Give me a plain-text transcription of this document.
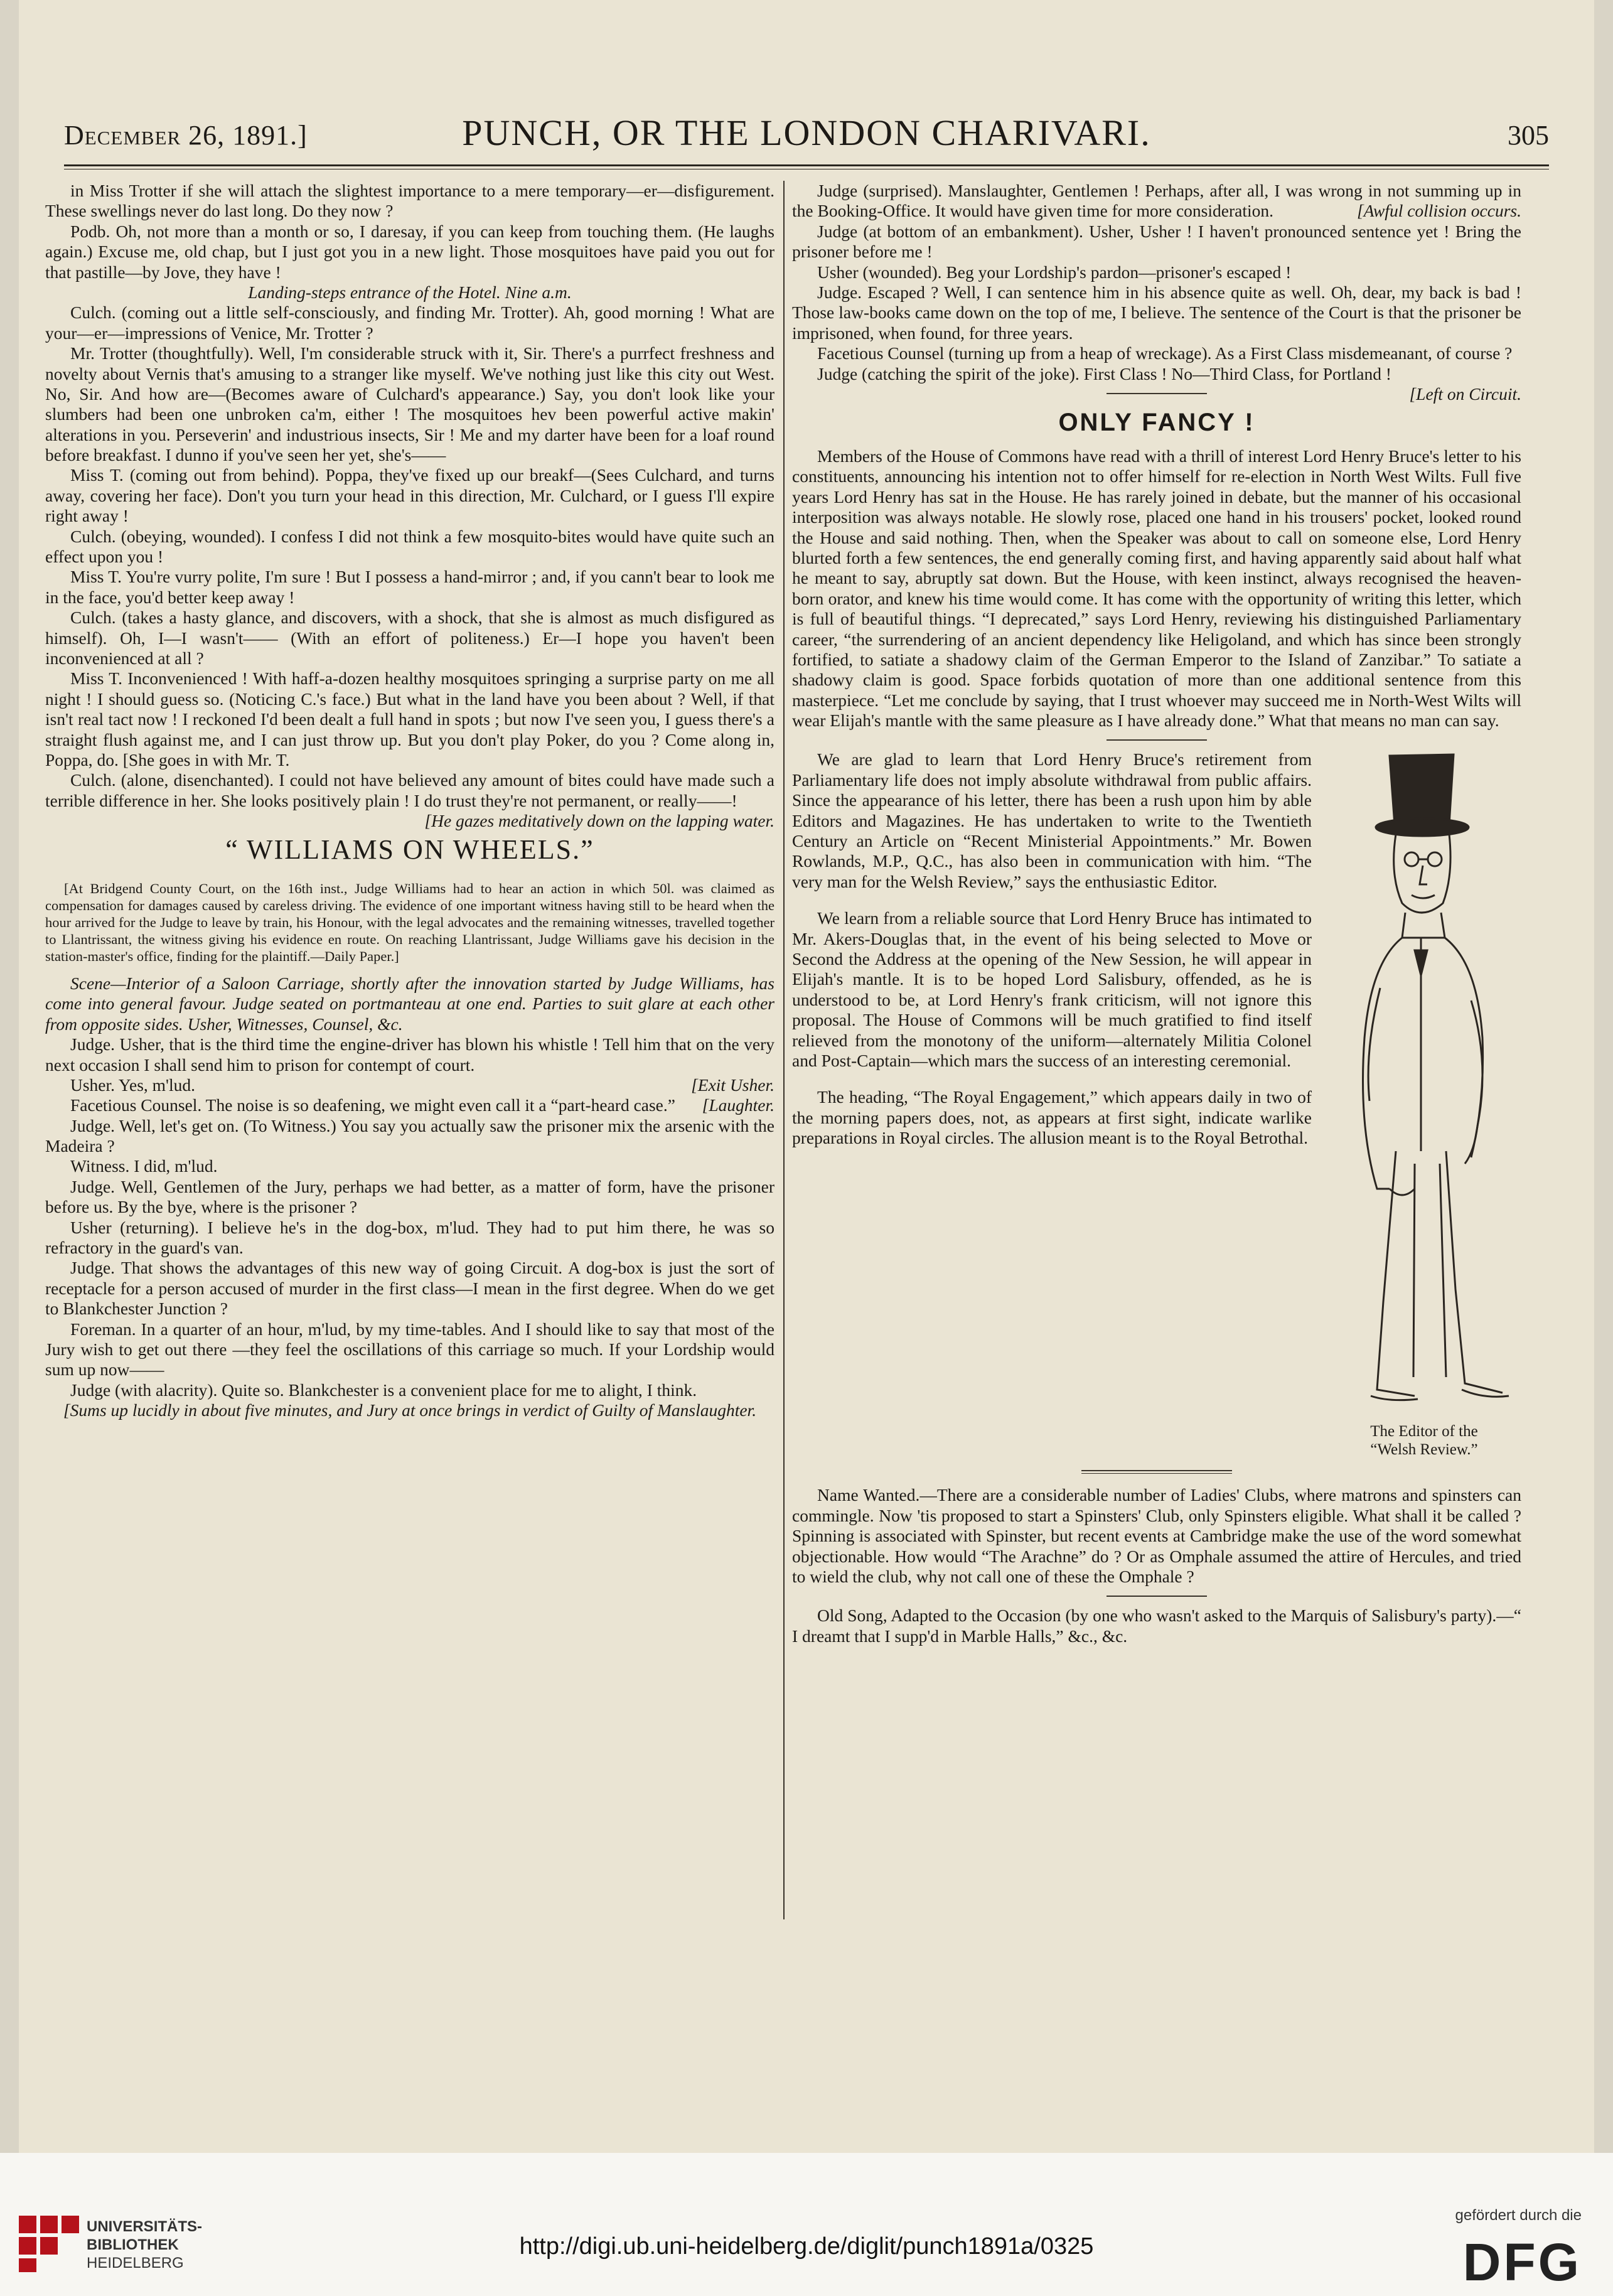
December 26, 1891.]	PUNCH, OR THE LONDON CHARIVARI.	305

in Miss Trotter if she will attach the slightest importance to a mere temporary—er—disfigurement. These swellings never do last long. Do they now ?

Podb. Oh, not more than a month or so, I daresay, if you can keep from touching them. (He laughs again.) Excuse me, old chap, but I just got you in a new light. Those mosquitoes have paid you out for that pastille—by Jove, they have !

Landing-steps entrance of the Hotel. Nine a.m.

Culch. (coming out a little self-consciously, and finding Mr. Trotter). Ah, good morning ! What are your—er—impressions of Venice, Mr. Trotter ?

Mr. Trotter (thoughtfully). Well, I'm considerable struck with it, Sir. There's a purrfect freshness and novelty about Vernis that's amusing to a stranger like myself. We've nothing just like this city out West. No, Sir. And how are—(Becomes aware of Culchard's appearance.) Say, you don't look like your slumbers had been one unbroken ca'm, either ! The mosquitoes hev been powerful active makin' alterations in you. Perseverin' and industrious insects, Sir ! Me and my darter have been for a loaf round before breakfast. I dunno if you've seen her yet, she's——

Miss T. (coming out from behind). Poppa, they've fixed up our breakf—(Sees Culchard, and turns away, covering her face). Don't you turn your head in this direction, Mr. Culchard, or I guess I'll expire right away !

Culch. (obeying, wounded). I confess I did not think a few mosquito-bites would have quite such an effect upon you !

Miss T. You're vurry polite, I'm sure ! But I possess a hand-mirror ; and, if you cann't bear to look me in the face, you'd better keep away !

Culch. (takes a hasty glance, and discovers, with a shock, that she is almost as much disfigured as himself). Oh, I—I wasn't—— (With an effort of politeness.) Er—I hope you haven't been inconvenienced at all ?

Miss T. Inconvenienced ! With haff-a-dozen healthy mosquitoes springing a surprise party on me all night ! I should guess so. (Noticing C.'s face.) But what in the land have you been about ? Well, if that isn't real tact now ! I reckoned I'd been dealt a full hand in spots ; but now I've seen you, I guess there's a straight flush against me, and I can just throw up. But you don't play Poker, do you ? Come along in, Poppa, do. [She goes in with Mr. T.

Culch. (alone, disenchanted). I could not have believed any amount of bites could have made such a terrible difference in her. She looks positively plain ! I do trust they're not permanent, or really——!
[He gazes meditatively down on the lapping water.

“ WILLIAMS ON WHEELS.”

[At Bridgend County Court, on the 16th inst., Judge Williams had to hear an action in which 50l. was claimed as compensation for damages caused by careless driving. The evidence of one important witness having still to be heard when the hour arrived for the Judge to leave by train, his Honour, with the legal advocates and the remaining witnesses, travelled together to Llantrissant, the witness giving his evidence en route. On reaching Llantrissant, Judge Williams gave his decision in the station-master's office, finding for the plaintiff.—Daily Paper.]

Scene—Interior of a Saloon Carriage, shortly after the innovation started by Judge Williams, has come into general favour. Judge seated on portmanteau at one end. Parties to suit glare at each other from opposite sides. Usher, Witnesses, Counsel, &c.

Judge. Usher, that is the third time the engine-driver has blown his whistle ! Tell him that on the very next occasion I shall send him to prison for contempt of court.

Usher. Yes, m'lud.	[Exit Usher.

Facetious Counsel. The noise is so deafening, we might even call it a “part-heard case.”	[Laughter.

Judge. Well, let's get on. (To Witness.) You say you actually saw the prisoner mix the arsenic with the Madeira ?

Witness. I did, m'lud.

Judge. Well, Gentlemen of the Jury, perhaps we had better, as a matter of form, have the prisoner before us. By the bye, where is the prisoner ?

Usher (returning). I believe he's in the dog-box, m'lud. They had to put him there, he was so refractory in the guard's van.

Judge. That shows the advantages of this new way of going Circuit. A dog-box is just the sort of receptacle for a person accused of murder in the first class—I mean in the first degree. When do we get to Blankchester Junction ?

Foreman. In a quarter of an hour, m'lud, by my time-tables. And I should like to say that most of the Jury wish to get out there —they feel the oscillations of this carriage so much. If your Lordship would sum up now——

Judge (with alacrity). Quite so. Blankchester is a convenient place for me to alight, I think.

[Sums up lucidly in about five minutes, and Jury at once brings in verdict of Guilty of Manslaughter.

Judge (surprised). Manslaughter, Gentlemen ! Perhaps, after all, I was wrong in not summing up in the Booking-Office. It would have given time for more consideration.	[Awful collision occurs.

Judge (at bottom of an embankment). Usher, Usher ! I haven't pronounced sentence yet ! Bring the prisoner before me !

Usher (wounded). Beg your Lordship's pardon—prisoner's escaped !

Judge. Escaped ? Well, I can sentence him in his absence quite as well. Oh, dear, my back is bad ! Those law-books came down on the top of me, I believe. The sentence of the Court is that the prisoner be imprisoned, when found, for three years.

Facetious Counsel (turning up from a heap of wreckage). As a First Class misdemeanant, of course ?

Judge (catching the spirit of the joke). First Class ! No—Third Class, for Portland !
[Left on Circuit.

ONLY FANCY !

Members of the House of Commons have read with a thrill of interest Lord Henry Bruce's letter to his constituents, announcing his intention not to offer himself for re-election in North West Wilts. Full five years Lord Henry has sat in the House. He has rarely joined in debate, but the manner of his occasional interposition was always notable. He slowly rose, placed one hand in his trousers' pocket, looked round the House and said nothing. Then, when the Speaker was about to call on someone else, Lord Henry blurted forth a few sentences, the end generally coming first, and having apparently said about half what he meant to say, abruptly sat down. But the House, with keen instinct, always recognised the heaven-born orator, and knew his time would come. It has come with the opportunity of writing this letter, which is full of beautiful things. “I deprecated,” says Lord Henry, reviewing his distinguished Parliamentary career, “the surrendering of an ancient dependency like Heligoland, and which has since been strongly fortified, to satiate a shadowy claim of the German Emperor to the Island of Zanzibar.” To satiate a shadowy claim is good. Space forbids quotation of more than one additional sentence from this masterpiece. “Let me conclude by saying, that I trust whoever may succeed me in North-West Wilts will wear Elijah's mantle with the same pleasure as I have already done.” What that means no man can say.

The Editor of the
“Welsh Review.”

We are glad to learn that Lord Henry Bruce's retirement from Parliamentary life does not imply absolute withdrawal from public affairs. Since the appearance of his letter, there has been a rush upon him by able Editors and Magazines. He has undertaken to write to the Twentieth Century an Article on “Recent Ministerial Appointments.” Mr. Bowen Rowlands, M.P., Q.C., has also been in communication with him. “The very man for the Welsh Review,” says the enthusiastic Editor.

We learn from a reliable source that Lord Henry Bruce has intimated to Mr. Akers-Douglas that, in the event of his being selected to Move or Second the Address at the opening of the New Session, he will appear in Elijah's mantle. It is to be hoped Lord Salisbury, offended, as he is understood to be, at Lord Henry's frank criticism, will not ignore this proposal. The House of Commons will be much gratified to find itself relieved from the monotony of the uniform—alternately Militia Colonel and Post-Captain—which mars the success of an interesting ceremonial.

The heading, “The Royal Engagement,” which appears daily in two of the morning papers does, not, as appears at first sight, indicate warlike preparations in Royal circles. The allusion meant is to the Royal Betrothal.

Name Wanted.—There are a considerable number of Ladies' Clubs, where matrons and spinsters can commingle. Now 'tis proposed to start a Spinsters' Club, only Spinsters eligible. What shall it be called ? Spinning is associated with Spinster, but recent events at Cambridge make the use of the word somewhat objectionable. How would “The Arachne” do ? Or as Omphale assumed the attire of Hercules, and tried to wield the club, why not call one of these the Omphale ?

Old Song, Adapted to the Occasion (by one who wasn't asked to the Marquis of Salisbury's party).—“ I dreamt that I supp'd in Marble Halls,” &c., &c.

UNIVERSITÄTS-
BIBLIOTHEK
HEIDELBERG
http://digi.ub.uni-heidelberg.de/diglit/punch1891a/0325
gefördert durch die
DFG
